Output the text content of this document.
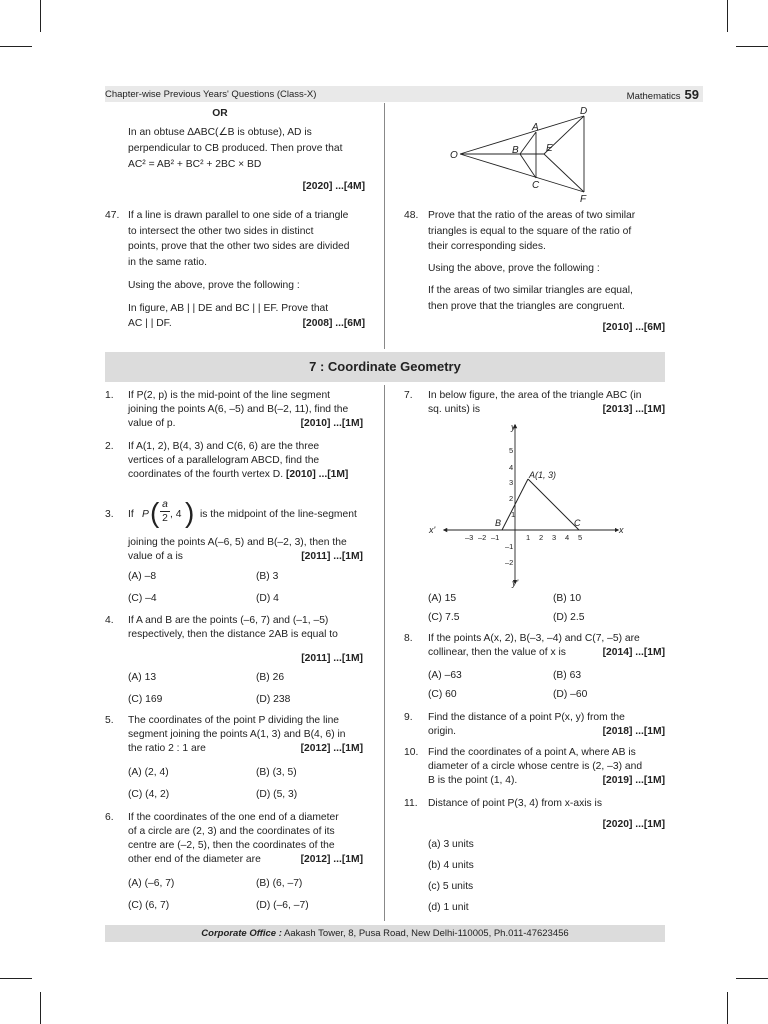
Chapter-wise Previous Years' Questions (Class-X)	Mathematics 59
OR
In an obtuse ∆ABC(∠B is obtuse), AD is
perpendicular to CB produced. Then prove that
AC² = AB² + BC² + 2BC × BD
[2020] ...[4M]
47. If a line is drawn parallel to one side of a triangle
to intersect the other two sides in distinct
points, prove that the other two sides are divided
in the same ratio.
Using the above, prove the following :
In figure, AB | | DE and BC | | EF. Prove that
AC | | DF.	[2008] ...[6M]
O
A
B
C
D
E
F
48. Prove that the ratio of the areas of two similar
triangles is equal to the square of the ratio of
their corresponding sides.
Using the above, prove the following :
If the areas of two similar triangles are equal,
then prove that the triangles are congruent.
[2010] ...[6M]
7 : Coordinate Geometry
1. If P(2, p) is the mid-point of the line segment
joining the points A(6, –5) and B(–2, 11), find the
value of p.	[2010] ...[1M]
2. If A(1, 2), B(4, 3) and C(6, 6) are the three
vertices of a parallelogram ABCD, find the
coordinates of the fourth vertex D. [2010] ...[1M]
3. If P ( $\frac{a}{2}$ , 4 ) is the midpoint of the line-segment
joining the points A(–6, 5) and B(–2, 3), then the
value of a is	[2011] ...[1M]
(A) –8	(B) 3
(C) –4	(D) 4
4. If A and B are the points (–6, 7) and (–1, –5)
respectively, then the distance 2AB is equal to
[2011] ...[1M]
(A) 13	(B) 26
(C) 169	(D) 238
5. The coordinates of the point P dividing the line
segment joining the points A(1, 3) and B(4, 6) in
the ratio 2 : 1 are	[2012] ...[1M]
(A) (2, 4)	(B) (3, 5)
(C) (4, 2)	(D) (5, 3)
6. If the coordinates of the one end of a diameter
of a circle are (2, 3) and the coordinates of its
centre are (–2, 5), then the coordinates of the
other end of the diameter are	[2012] ...[1M]
(A) (–6, 7)	(B) (6, –7)
(C) (6, 7)	(D) (–6, –7)
7. In below figure, the area of the triangle ABC (in
sq. units) is	[2013] ...[1M]
–3 –2 –1	1 2 3 4 5
5
4
3
2
1
–1
–2
y
y'
x
x'
A(1, 3)
B	C
(A) 15	(B) 10
(C) 7.5	(D) 2.5
8. If the points A(x, 2), B(–3, –4) and C(7, –5) are
collinear, then the value of x is	[2014] ...[1M]
(A) –63	(B) 63
(C) 60	(D) –60
9. Find the distance of a point P(x, y) from the
origin.	[2018] ...[1M]
10. Find the coordinates of a point A, where AB is
diameter of a circle whose centre is (2, –3) and
B is the point (1, 4).	[2019] ...[1M]
11. Distance of point P(3, 4) from x-axis is
[2020] ...[1M]
(a) 3 units
(b) 4 units
(c) 5 units
(d) 1 unit
Corporate Office : Aakash Tower, 8, Pusa Road, New Delhi-110005, Ph.011-47623456
